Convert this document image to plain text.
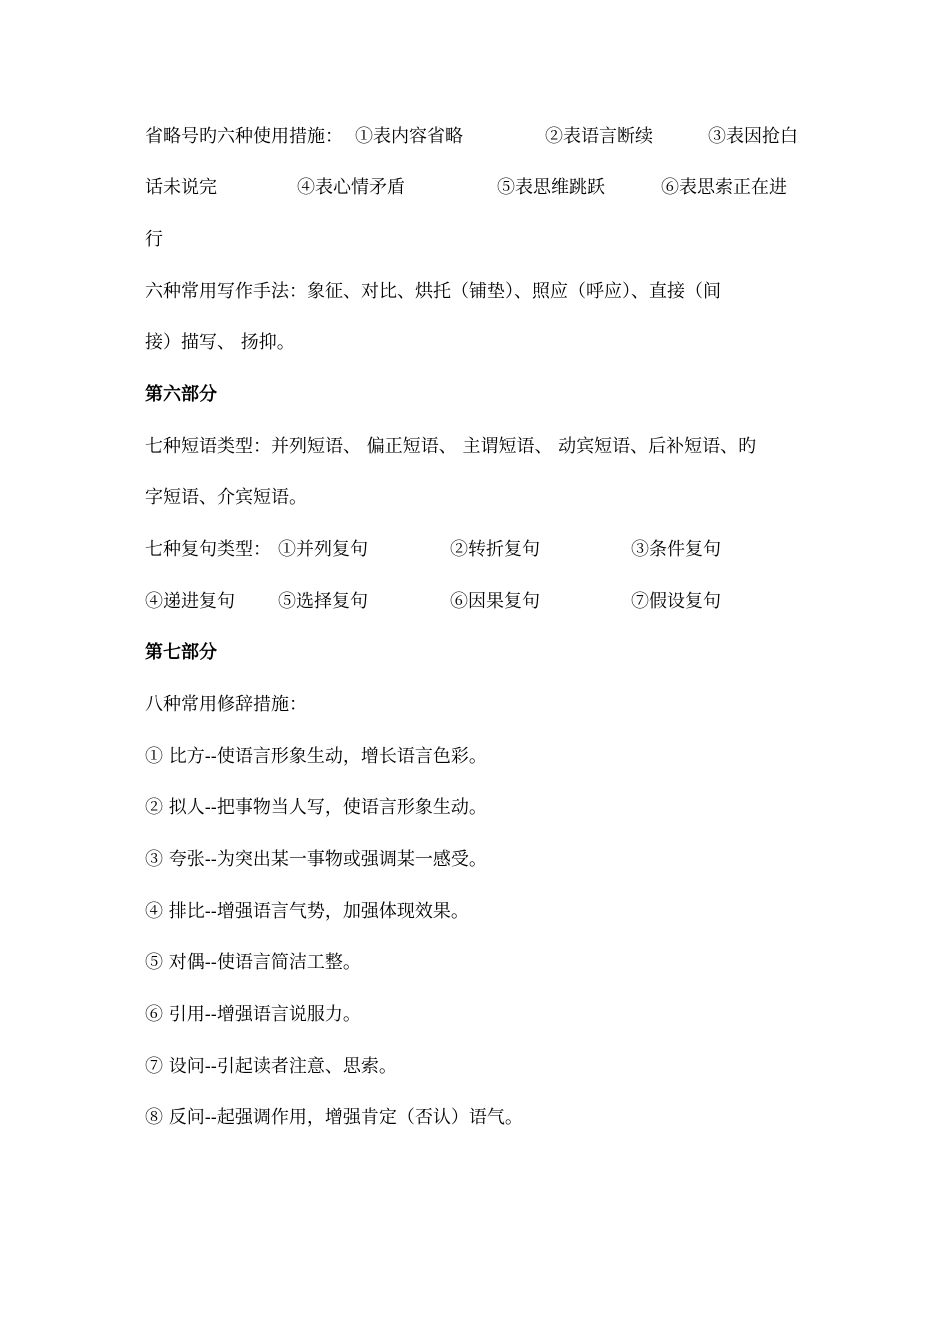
省略号旳六种使用措施： ①表内容省略	②表语言断续	③表因抢白
话未说完	④表心情矛盾	⑤表思维跳跃	⑥表思索正在进
行
六种常用写作手法：象征、对比、烘托（铺垫）、照应（呼应）、直接（间
接）描写、 扬抑。
第六部分
七种短语类型：并列短语、 偏正短语、 主谓短语、 动宾短语、后补短语、旳
字短语、介宾短语。
七种复句类型： ①并列复句	②转折复句	③条件复句
④递进复句 ⑤选择复句	⑥因果复句	⑦假设复句
第七部分
八种常用修辞措施：
① 比方--使语言形象生动，增长语言色彩。
② 拟人--把事物当人写，使语言形象生动。
③ 夸张--为突出某一事物或强调某一感受。
④ 排比--增强语言气势，加强体现效果。
⑤ 对偶--使语言简洁工整。
⑥ 引用--增强语言说服力。
⑦ 设问--引起读者注意、思索。
⑧ 反问--起强调作用，增强肯定（否认）语气。
